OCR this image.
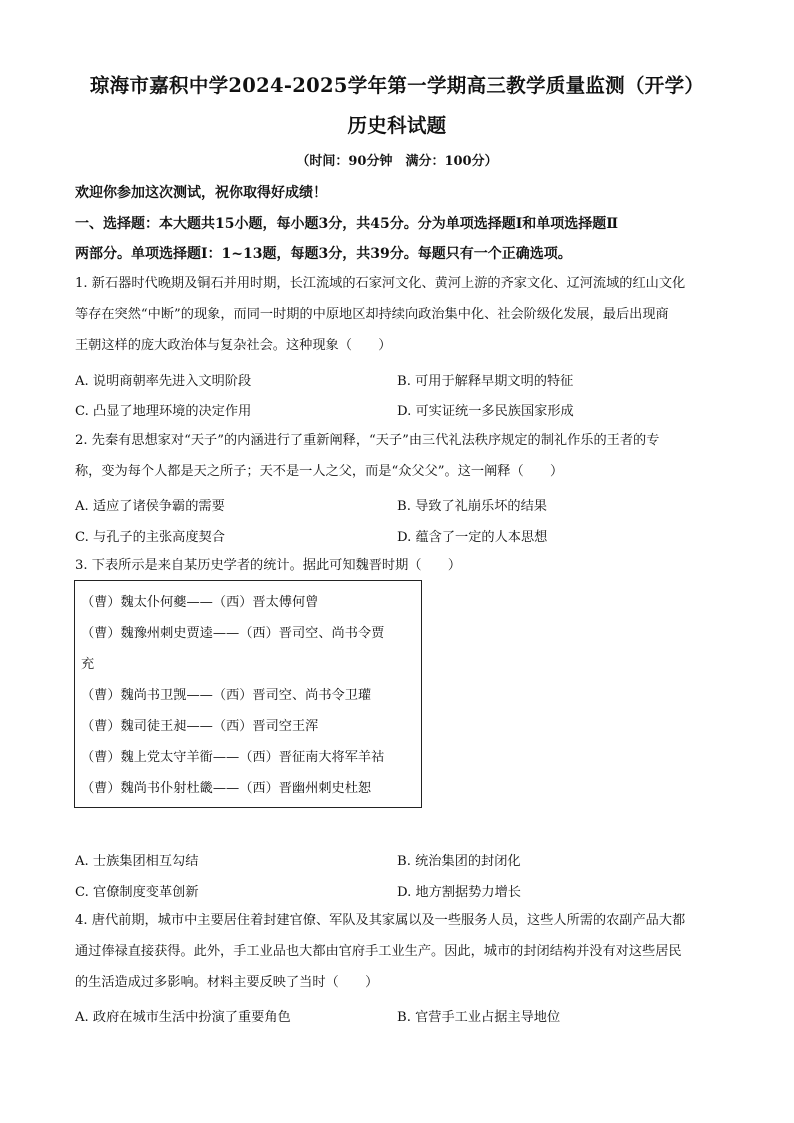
琼海市嘉积中学2024-2025学年第一学期高三教学质量监测（开学）
历史科试题
（时间：90分钟　满分：100分）
欢迎你参加这次测试，祝你取得好成绩！
一、选择题：本大题共15小题，每小题3分，共45分。分为单项选择题Ⅰ和单项选择题Ⅱ
两部分。单项选择题Ⅰ：1~13题，每题3分，共39分。每题只有一个正确选项。
1. 新石器时代晚期及铜石并用时期，长江流域的石家河文化、黄河上游的齐家文化、辽河流域的红山文化
等存在突然“中断”的现象，而同一时期的中原地区却持续向政治集中化、社会阶级化发展，最后出现商
王朝这样的庞大政治体与复杂社会。这种现象（　　）
A. 说明商朝率先进入文明阶段	B. 可用于解释早期文明的特征
C. 凸显了地理环境的决定作用	D. 可实证统一多民族国家形成
2. 先秦有思想家对“天子”的内涵进行了重新阐释，“天子”由三代礼法秩序规定的制礼作乐的王者的专
称，变为每个人都是天之所子；天不是一人之父，而是“众父父”。这一阐释（　　）
A. 适应了诸侯争霸的需要	B. 导致了礼崩乐坏的结果
C. 与孔子的主张高度契合	D. 蕴含了一定的人本思想
3. 下表所示是来自某历史学者的统计。据此可知魏晋时期（　　）
（曹）魏太仆何夔——（西）晋太傅何曾
（曹）魏豫州刺史贾逵——（西）晋司空、尚书令贾
充
（曹）魏尚书卫觊——（西）晋司空、尚书令卫瓘
（曹）魏司徒王昶——（西）晋司空王浑
（曹）魏上党太守羊衜——（西）晋征南大将军羊祜
（曹）魏尚书仆射杜畿——（西）晋幽州刺史杜恕
A. 士族集团相互勾结	B. 统治集团的封闭化
C. 官僚制度变革创新	D. 地方割据势力增长
4. 唐代前期，城市中主要居住着封建官僚、军队及其家属以及一些服务人员，这些人所需的农副产品大都
通过俸禄直接获得。此外，手工业品也大都由官府手工业生产。因此，城市的封闭结构并没有对这些居民
的生活造成过多影响。材料主要反映了当时（　　）
A. 政府在城市生活中扮演了重要角色	B. 官营手工业占据主导地位
